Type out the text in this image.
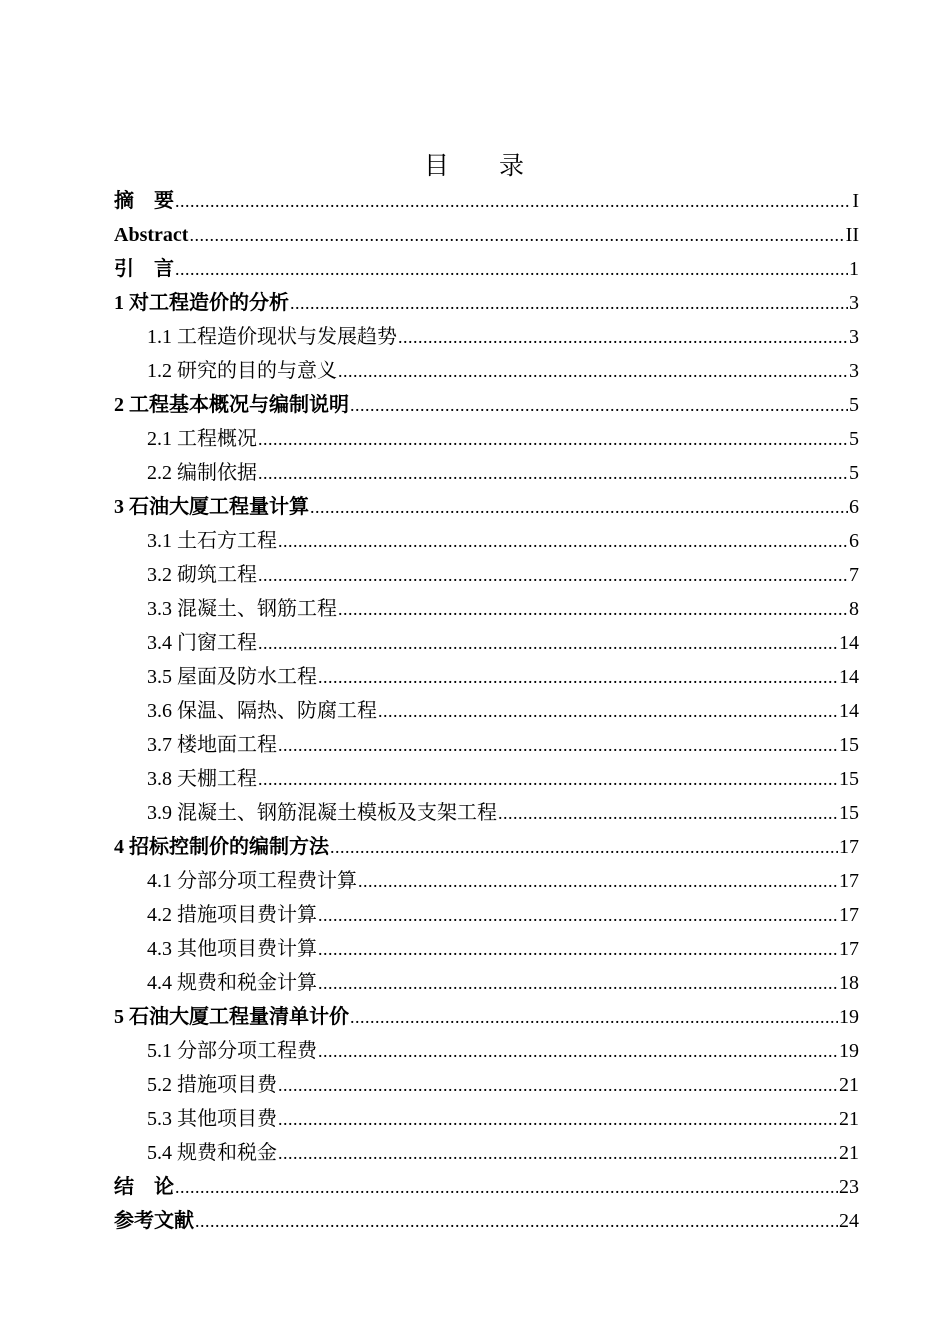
目 录
摘　要 .....	I
Abstract .....	II
引　言 .....	1
1 对工程造价的分析 .....	3
1.1 工程造价现状与发展趋势 .....	3
1.2 研究的目的与意义 .....	3
2 工程基本概况与编制说明 .....	5
2.1 工程概况 .....	5
2.2 编制依据 .....	5
3 石油大厦工程量计算 .....	6
3.1 土石方工程 .....	6
3.2 砌筑工程 .....	7
3.3 混凝土、钢筋工程 .....	8
3.4 门窗工程 .....	14
3.5 屋面及防水工程 .....	14
3.6 保温、隔热、防腐工程 .....	14
3.7 楼地面工程 .....	15
3.8 天棚工程 .....	15
3.9 混凝土、钢筋混凝土模板及支架工程 .....	15
4 招标控制价的编制方法 .....	17
4.1 分部分项工程费计算 .....	17
4.2 措施项目费计算 .....	17
4.3 其他项目费计算 .....	17
4.4 规费和税金计算 .....	18
5 石油大厦工程量清单计价 .....	19
5.1 分部分项工程费 .....	19
5.2 措施项目费 .....	21
5.3 其他项目费 .....	21
5.4 规费和税金 .....	21
结　论 .....	23
参考文献 .....	24
